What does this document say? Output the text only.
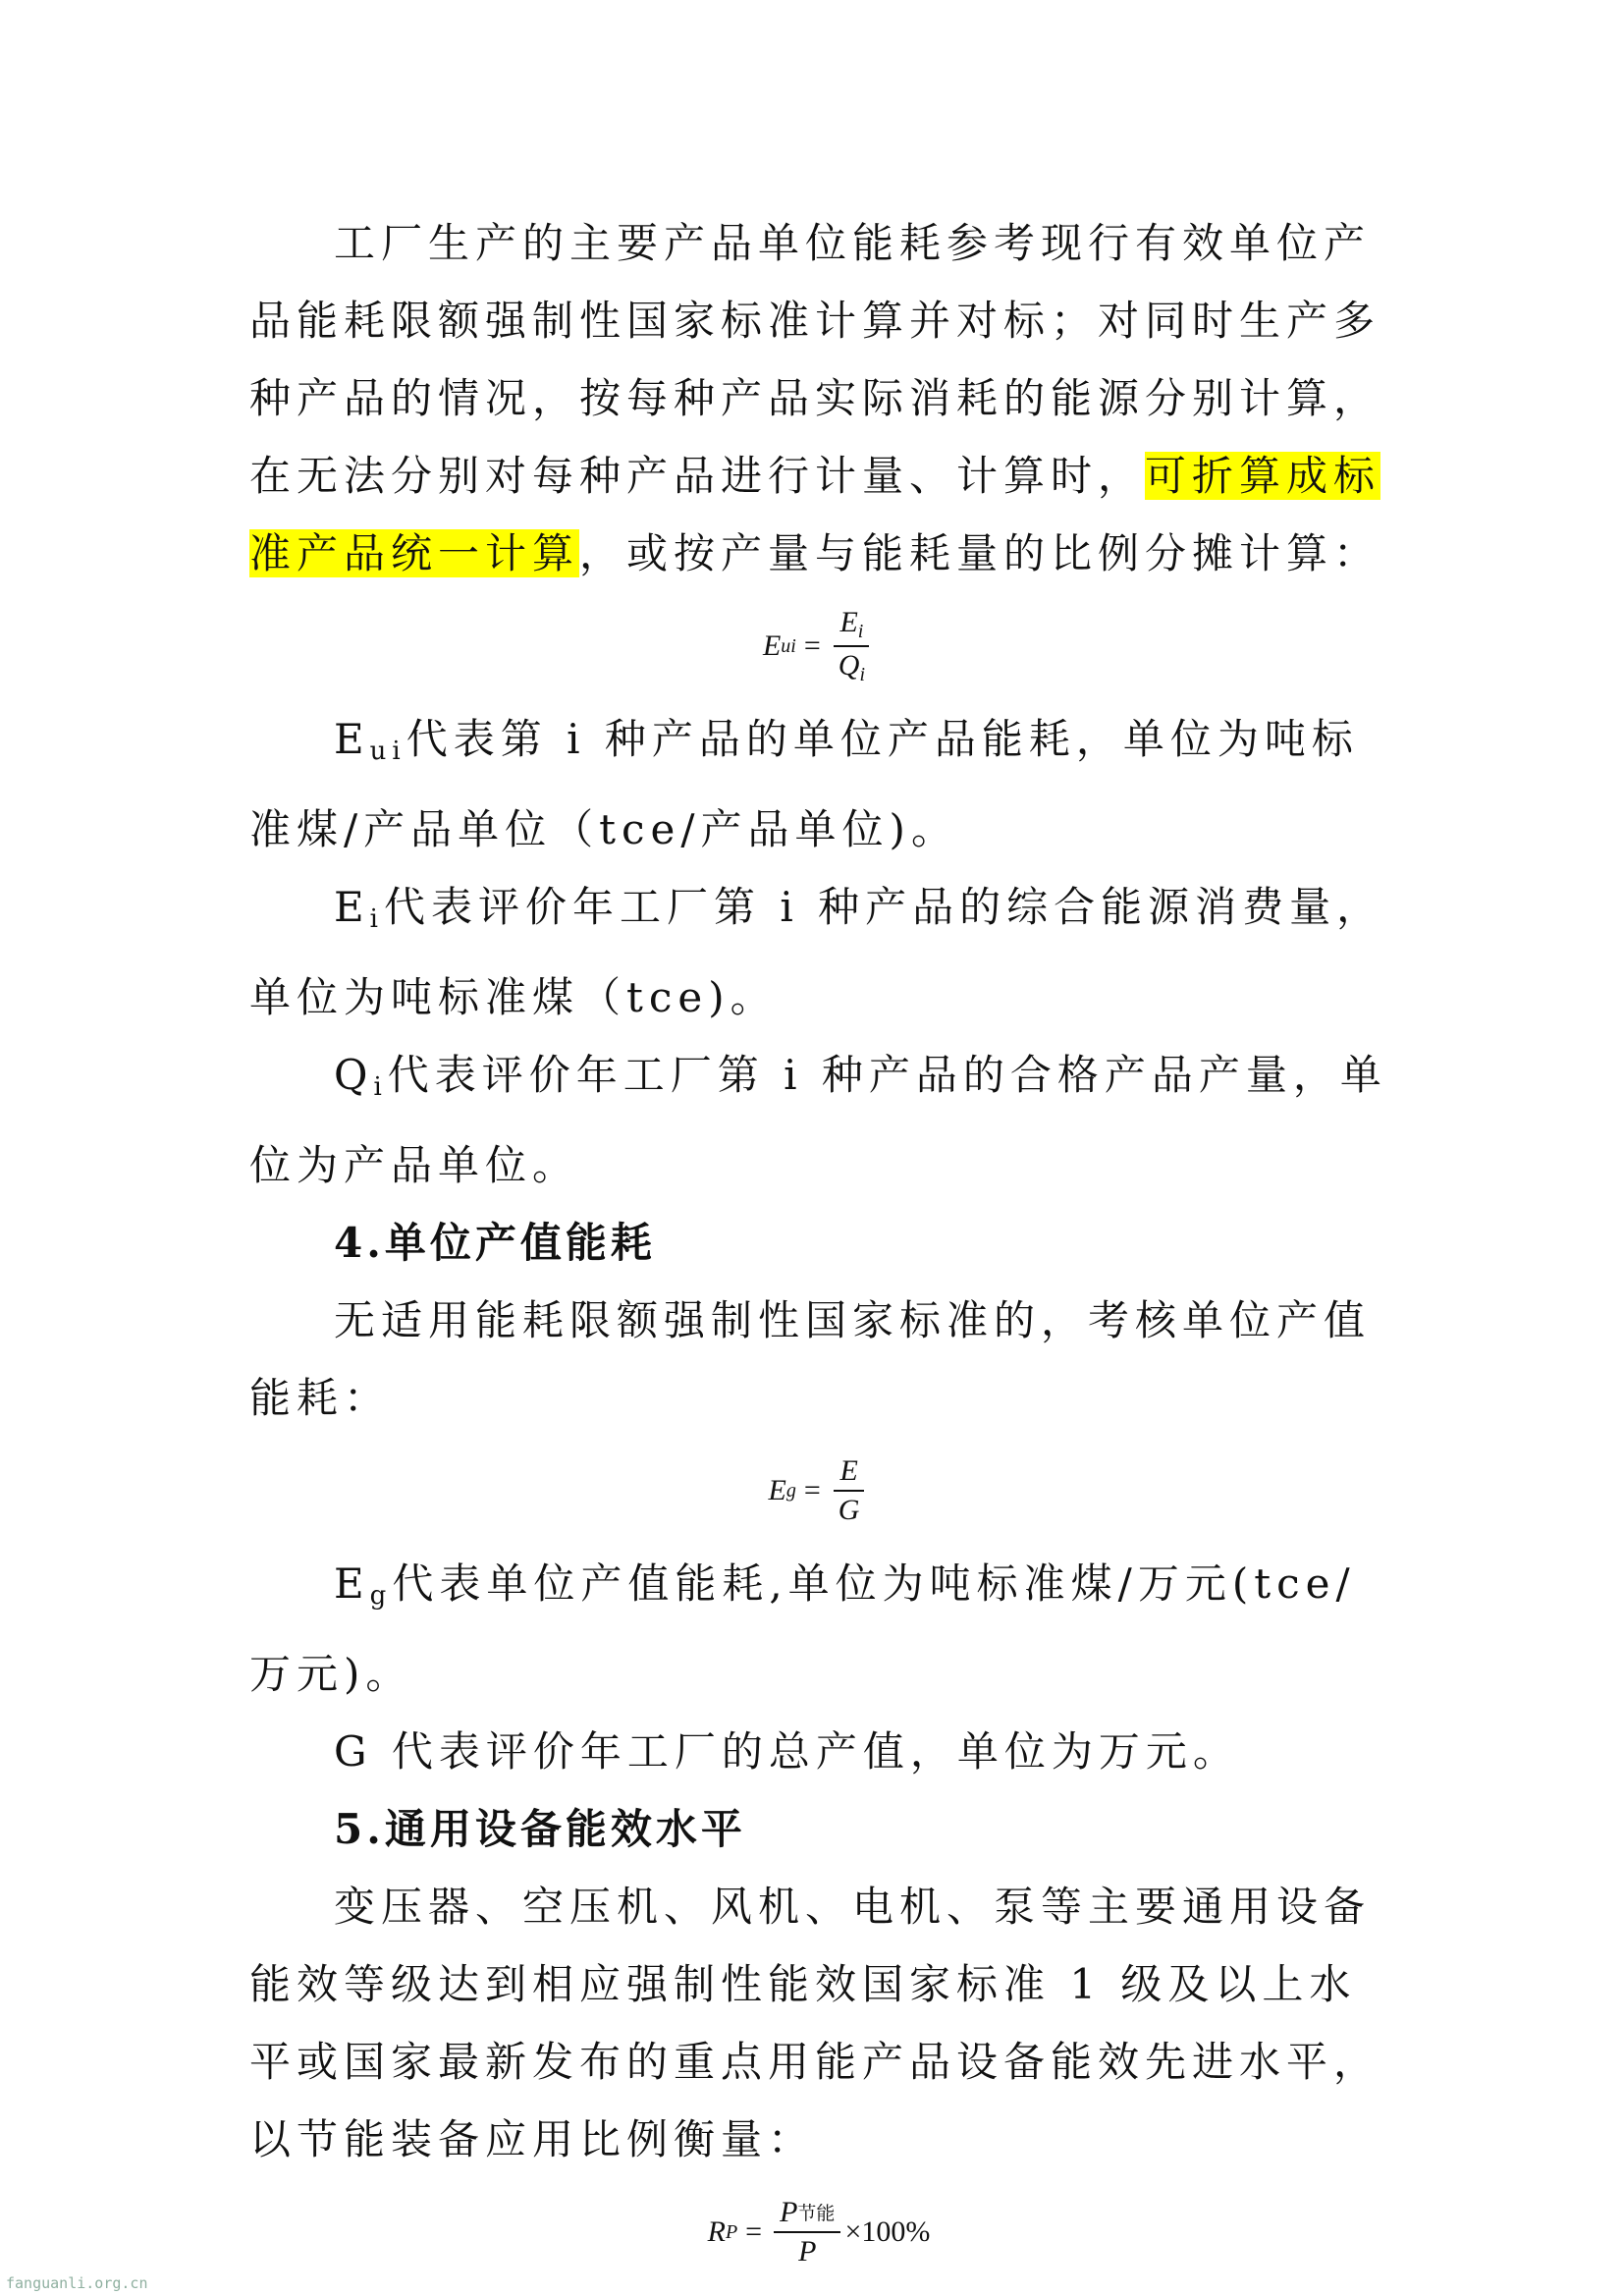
工厂生产的主要产品单位能耗参考现行有效单位产品能耗限额强制性国家标准计算并对标；对同时生产多种产品的情况，按每种产品实际消耗的能源分别计算，在无法分别对每种产品进行计量、计算时，可折算成标准产品统一计算，或按产量与能耗量的比例分摊计算：

E ui = $\frac{E_i}{Q_i}$

$E_{ui}$代表第 i 种产品的单位产品能耗，单位为吨标准煤/产品单位（tce/产品单位)。

$E_i$代表评价年工厂第 i 种产品的综合能源消费量，单位为吨标准煤（tce)。

$Q_i$代表评价年工厂第 i 种产品的合格产品产量，单位为产品单位。

4.单位产值能耗

无适用能耗限额强制性国家标准的，考核单位产值能耗：

E $g = \frac{E}{G}$

$E_g$代表单位产值能耗,单位为吨标准煤/万元(tce/万元)。

G 代表评价年工厂的总产值，单位为万元。

5.通用设备能效水平

变压器、空压机、风机、电机、泵等主要通用设备能效等级达到相应强制性能效国家标准 1 级及以上水平或国家最新发布的重点用能产品设备能效先进水平，以节能装备应用比例衡量：

R $P = \frac{\text{P节能}}{P} \times 100\%$
fanguanli.org.cn
